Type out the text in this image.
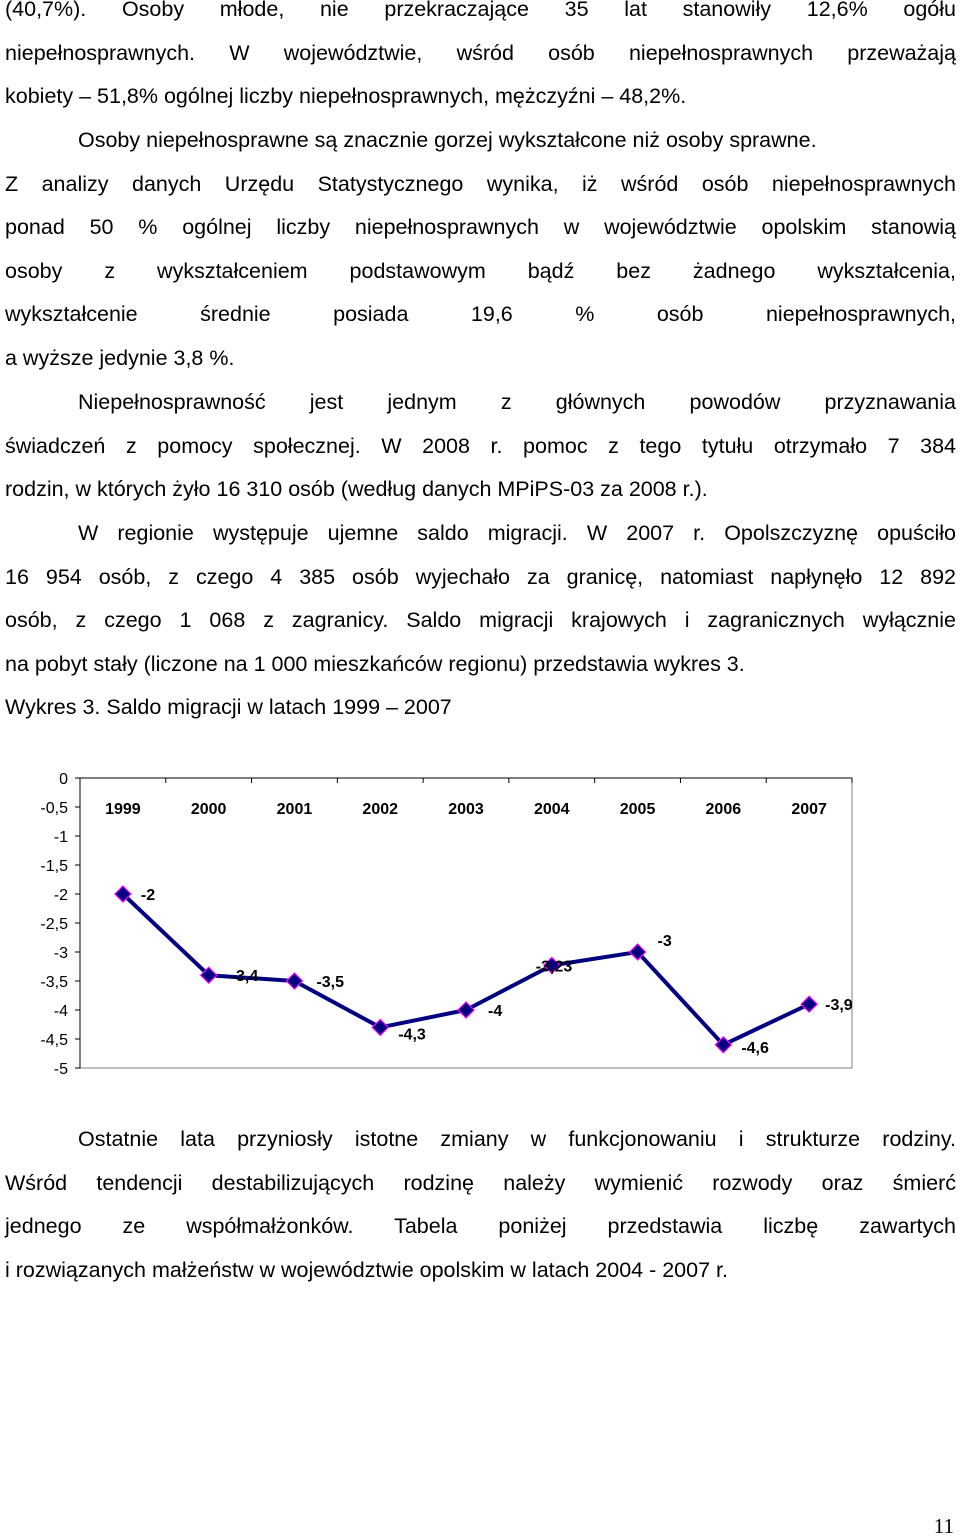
(40,7%). Osoby młode, nie przekraczające 35 lat stanowiły 12,6% ogółu
niepełnosprawnych. W województwie, wśród osób niepełnosprawnych przeważają
kobiety – 51,8% ogólnej liczby niepełnosprawnych, mężczyźni – 48,2%.
Osoby niepełnosprawne są znacznie gorzej wykształcone niż osoby sprawne.
Z analizy danych Urzędu Statystycznego wynika, iż wśród osób niepełnosprawnych
ponad 50 % ogólnej liczby niepełnosprawnych w województwie opolskim stanowią
osoby z wykształceniem podstawowym bądź bez żadnego wykształcenia,
wykształcenie średnie posiada 19,6 % osób niepełnosprawnych,
a wyższe jedynie 3,8 %.
Niepełnosprawność jest jednym z głównych powodów przyznawania
świadczeń z pomocy społecznej. W 2008 r. pomoc z tego tytułu otrzymało 7 384
rodzin, w których żyło 16 310 osób (według danych MPiPS-03 za 2008 r.).
W regionie występuje ujemne saldo migracji. W 2007 r. Opolszczyznę opuściło
16 954 osób, z czego 4 385 osób wyjechało za granicę, natomiast napłynęło 12 892
osób, z czego 1 068 z zagranicy. Saldo migracji krajowych i zagranicznych wyłącznie
na pobyt stały (liczone na 1 000 mieszkańców regionu) przedstawia wykres 3.
Wykres 3. Saldo migracji w latach 1999 – 2007
0
-0,5
-1
-1,5
-2
-2,5
-3
-3,5
-4
-4,5
-5
1999	2000	2001	2002	2003	2004	2005	2006	2007
-2
-3,4	-3,5
-4,3
-4
-3,23
-3
-4,6
-3,9
Ostatnie lata przyniosły istotne zmiany w funkcjonowaniu i strukturze rodziny.
Wśród tendencji destabilizujących rodzinę należy wymienić rozwody oraz śmierć
jednego ze współmałżonków. Tabela poniżej przedstawia liczbę zawartych
i rozwiązanych małżeństw w województwie opolskim w latach 2004 - 2007 r.
11
